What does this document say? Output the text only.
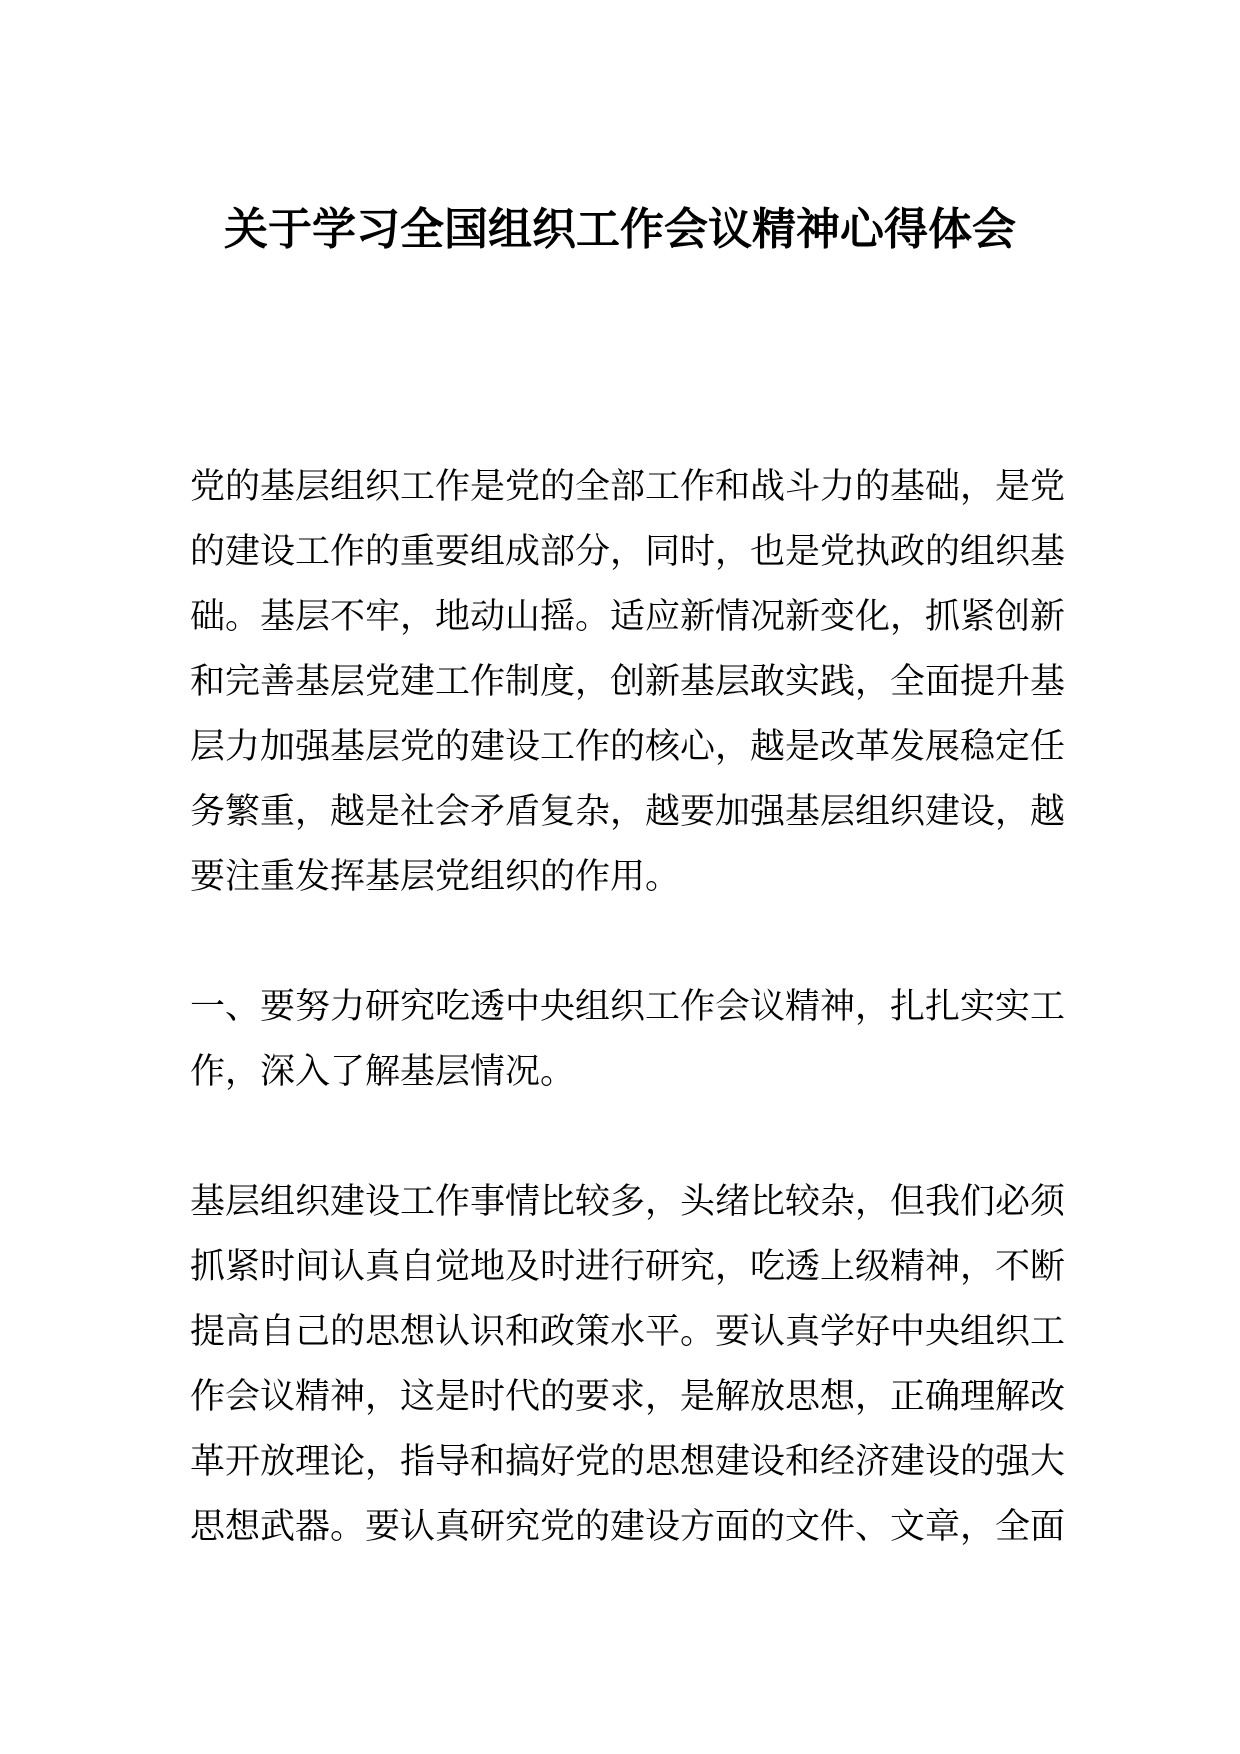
关于学习全国组织工作会议精神心得体会

党的基层组织工作是党的全部工作和战斗力的基础，是党
的建设工作的重要组成部分，同时，也是党执政的组织基
础。基层不牢，地动山摇。适应新情况新变化，抓紧创新
和完善基层党建工作制度，创新基层敢实践，全面提升基
层力加强基层党的建设工作的核心，越是改革发展稳定任
务繁重，越是社会矛盾复杂，越要加强基层组织建设，越
要注重发挥基层党组织的作用。

一、要努力研究吃透中央组织工作会议精神，扎扎实实工
作，深入了解基层情况。

基层组织建设工作事情比较多，头绪比较杂，但我们必须
抓紧时间认真自觉地及时进行研究，吃透上级精神，不断
提高自己的思想认识和政策水平。要认真学好中央组织工
作会议精神，这是时代的要求，是解放思想，正确理解改
革开放理论，指导和搞好党的思想建设和经济建设的强大
思想武器。要认真研究党的建设方面的文件、文章，全面
